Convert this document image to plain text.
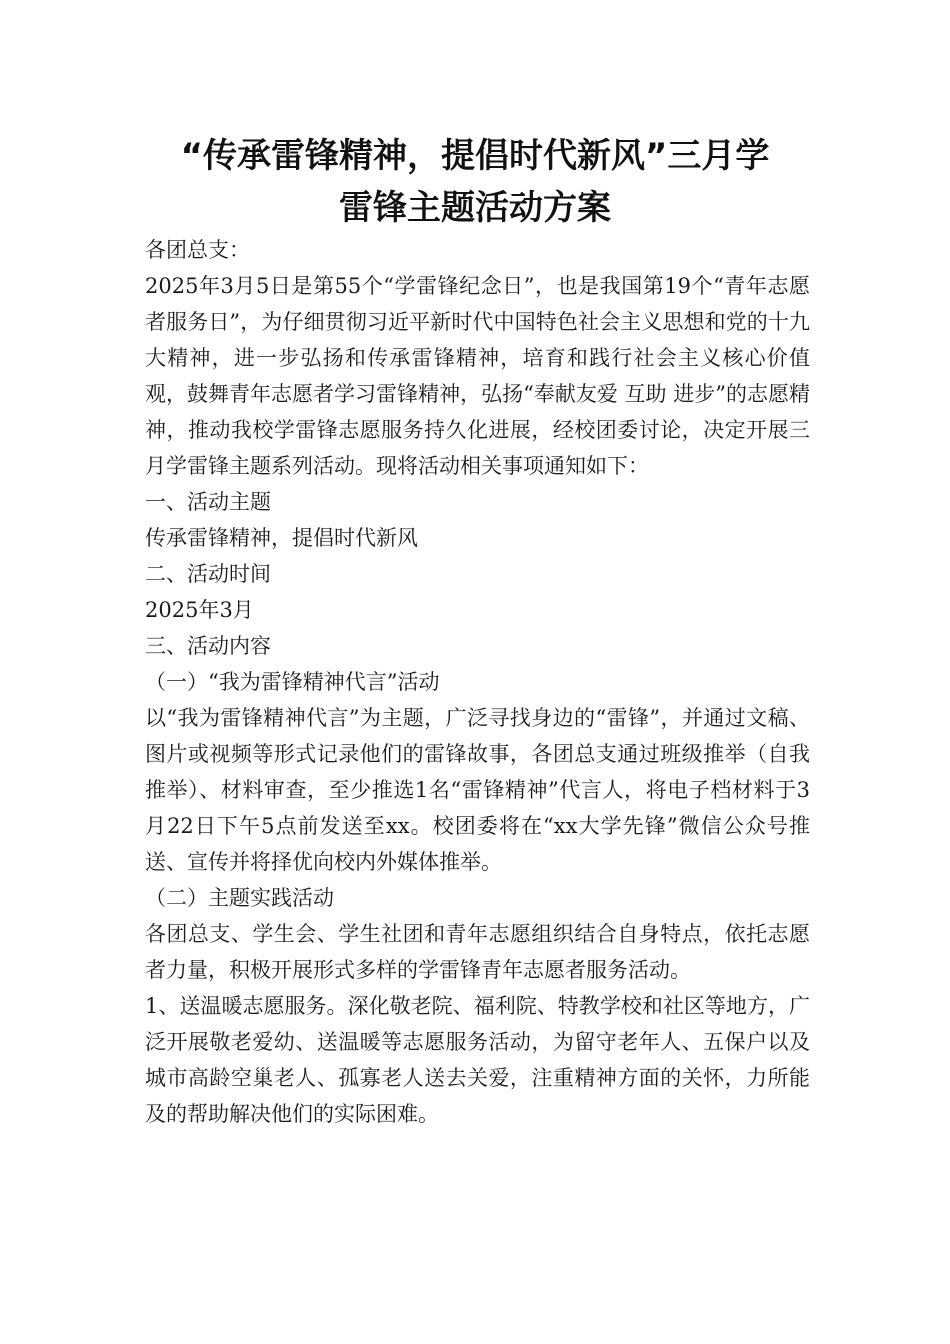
“传承雷锋精神，提倡时代新风”三月学
雷锋主题活动方案

各团总支：

2025年3月5日是第55个“学雷锋纪念日”，也是我国第19个“青年志愿者服务日”，为仔细贯彻习近平新时代中国特色社会主义思想和党的十九大精神，进一步弘扬和传承雷锋精神，培育和践行社会主义核心价值观，鼓舞青年志愿者学习雷锋精神，弘扬“奉献友爱 互助 进步”的志愿精神，推动我校学雷锋志愿服务持久化进展，经校团委讨论，决定开展三月学雷锋主题系列活动。现将活动相关事项通知如下：

一、活动主题

传承雷锋精神，提倡时代新风

二、活动时间

2025年3月

三、活动内容

（一）“我为雷锋精神代言”活动

以“我为雷锋精神代言”为主题，广泛寻找身边的“雷锋”，并通过文稿、图片或视频等形式记录他们的雷锋故事，各团总支通过班级推举（自我推举）、材料审查，至少推选1名“雷锋精神”代言人，将电子档材料于3月22日下午5点前发送至xx。校团委将在“xx大学先锋”微信公众号推送、宣传并将择优向校内外媒体推举。

（二）主题实践活动

各团总支、学生会、学生社团和青年志愿组织结合自身特点，依托志愿者力量，积极开展形式多样的学雷锋青年志愿者服务活动。

1、送温暖志愿服务。深化敬老院、福利院、特教学校和社区等地方，广泛开展敬老爱幼、送温暖等志愿服务活动，为留守老年人、五保户以及城市高龄空巢老人、孤寡老人送去关爱，注重精神方面的关怀，力所能及的帮助解决他们的实际困难。
